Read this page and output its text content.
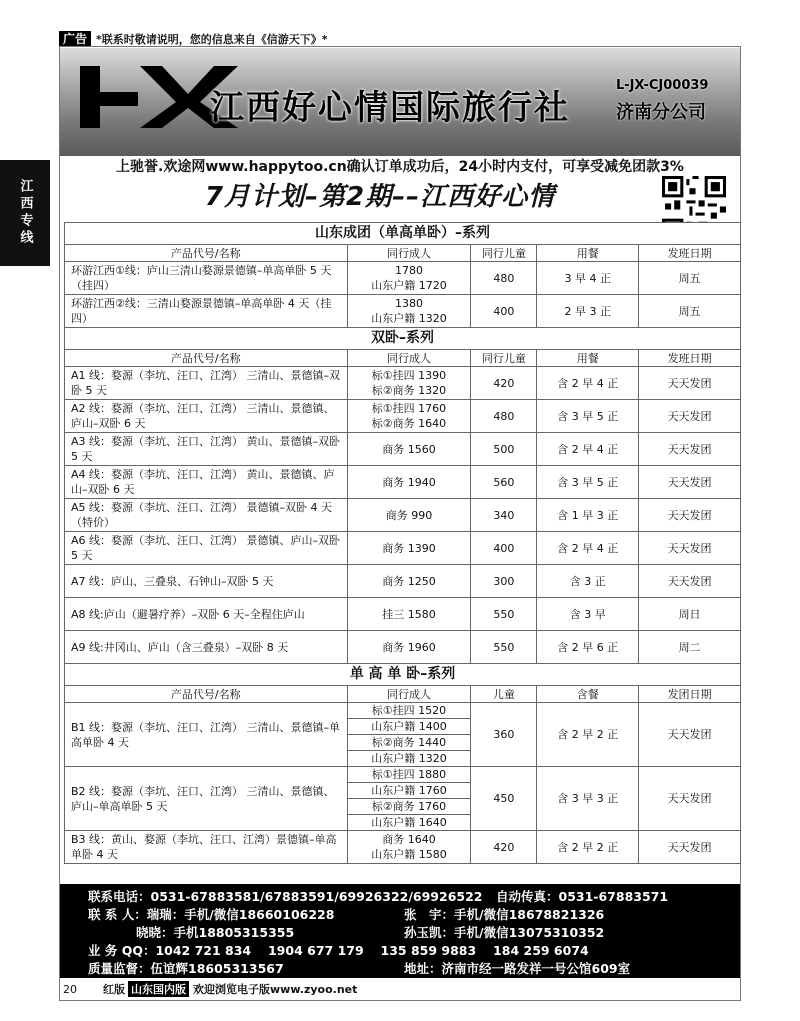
广告 *联系时敬请说明，您的信息来自《信游天下》*
江西专线
江西好心情国际旅行社
L-JX-CJ00039
济南分公司
上驰誉.欢途网www.happytoo.cn确认订单成功后，24小时内支付，可享受减免团款3%
7月计划–第2期––江西好心情
山东成团（单高单卧）–系列				
产品代号/名称	同行成人	同行儿童	用餐	发班日期
环游江西①线：庐山三清山婺源景德镇–单高单卧 5 天（挂四）	1780
山东户籍 1720	480	3 早 4 正	周五
环游江西②线：三清山婺源景德镇–单高单卧 4 天（挂四）	1380
山东户籍 1320	400	2 早 3 正	周五
双卧–系列				
产品代号/名称	同行成人	同行儿童	用餐	发班日期
A1 线：婺源（李坑、汪口、江湾） 三清山、景德镇–双卧 5 天	标①挂四 1390
标②商务 1320	420	含 2 早 4 正	天天发团
A2 线：婺源（李坑、汪口、江湾） 三清山、景德镇、庐山–双卧 6 天	标①挂四 1760
标②商务 1640	480	含 3 早 5 正	天天发团
A3 线：婺源（李坑、汪口、江湾） 黄山、景德镇–双卧 5 天	商务 1560	500	含 2 早 4 正	天天发团
A4 线：婺源（李坑、汪口、江湾） 黄山、景德镇、庐山–双卧 6 天	商务 1940	560	含 3 早 5 正	天天发团
A5 线：婺源（李坑、汪口、江湾） 景德镇–双卧 4 天（特价）	商务 990	340	含 1 早 3 正	天天发团
A6 线：婺源（李坑、汪口、江湾） 景德镇、庐山–双卧 5 天	商务 1390	400	含 2 早 4 正	天天发团
A7 线：庐山、三叠泉、石钟山–双卧 5 天	商务 1250	300	含 3 正	天天发团
A8 线:庐山（避暑疗养）–双卧 6 天–全程住庐山	挂三 1580	550	含 3 早	周日
A9 线:井冈山、庐山（含三叠泉）–双卧 8 天	商务 1960	550	含 2 早 6 正	周二
单 高 单 卧–系列				
产品代号/名称	同行成人	儿童	含餐	发团日期
B1 线：婺源（李坑、汪口、江湾） 三清山、景德镇–单高单卧 4 天	标①挂四 1520
山东户籍 1400
标②商务 1440
山东户籍 1320	360	含 2 早 2 正	天天发团
B2 线：婺源（李坑、汪口、江湾） 三清山、景德镇、庐山–单高单卧 5 天	标①挂四 1880
山东户籍 1760
标②商务 1760
山东户籍 1640	450	含 3 早 3 正	天天发团
B3 线：黄山、婺源（李坑、汪口、江湾）景德镇–单高单卧 4 天	商务 1640
山东户籍 1580	420	含 2 早 2 正	天天发团
联系电话：0531-67883581/67883591/69926322/69926522 自动传真：0531-67883571
联 系 人：瑞瑞：手机/微信18660106228	张　宇：手机/微信18678821326
晓晓：手机18805315355	孙玉凯：手机/微信13075310352
业 务 QQ：1042 721 834　 1904 677 179　 135 859 9883　 184 259 6074
质量监督：伍谊辉18605313567	地址：济南市经一路发祥一号公馆609室
20	红版 山东国内版 欢迎浏览电子版www.zyoo.net
